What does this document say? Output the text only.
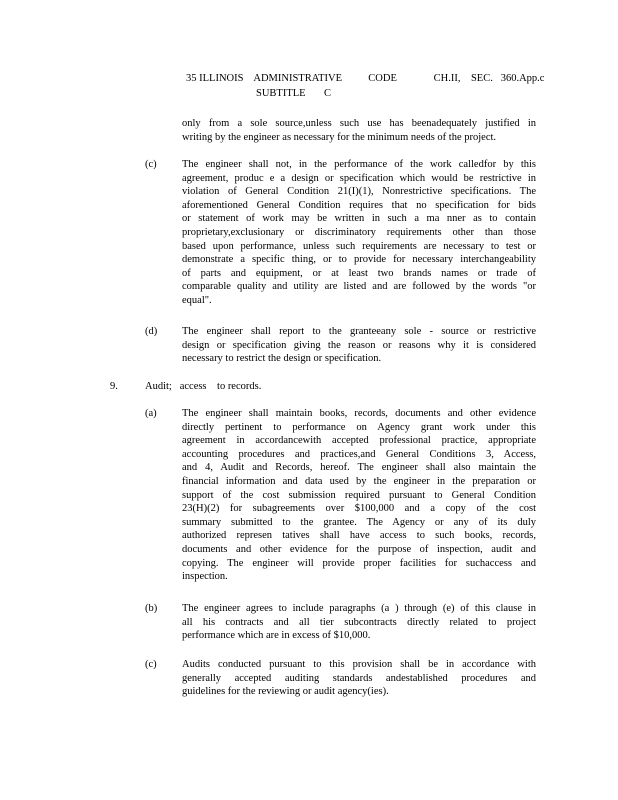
35 ILLINOIS    ADMINISTRATIVE          CODE              CH.II,    SEC.   360.App.c
SUBTITLE       C
only from a sole source,unless such use has beenadequately justified in
writing by the engineer as necessary for the minimum needs of the project.
(c) The engineer shall not, in the performance of the work calledfor by this
agreement, produc e a design or specification which would be restrictive in
violation of General Condition 21(I)(1), Nonrestrictive specifications. The
aforementioned General Condition requires that no specification for bids
or statement of work may be written in such a ma nner as to contain
proprietary,exclusionary or discriminatory requirements other than those
based upon performance, unless such requirements are necessary to test or
demonstrate a specific thing, or to provide for necessary interchangeability
of parts and equipment, or at least two brands names or trade of
comparable quality and utility are listed and are followed by the words "or
equal".
(d) The engineer shall report to the granteeany sole - source or restrictive
design or specification giving the reason or reasons why it is considered
necessary to restrict the design or specification.
9.	Audit;   access    to records.
(a) The engineer shall maintain books, records, documents and other evidence
directly pertinent to performance on Agency grant work under this
agreement in accordancewith accepted professional practice, appropriate
accounting procedures and practices,and General Conditions 3, Access,
and 4, Audit and Records, hereof. The engineer shall also maintain the
financial information and data used by the engineer in the preparation or
support of the cost submission required pursuant to General Condition
23(H)(2) for subagreements over $100,000 and a copy of the cost
summary submitted to the grantee. The Agency or any of its duly
authorized represen tatives shall have access to such books, records,
documents and other evidence for the purpose of inspection, audit and
copying. The engineer will provide proper facilities for suchaccess and
inspection.
(b) The engineer agrees to include paragraphs (a ) through (e) of this clause in
all his contracts and all tier subcontracts directly related to project
performance which are in excess of $10,000.
(c) Audits conducted pursuant to this provision shall be in accordance with
generally accepted auditing standards andestablished procedures and
guidelines for the reviewing or audit agency(ies).
